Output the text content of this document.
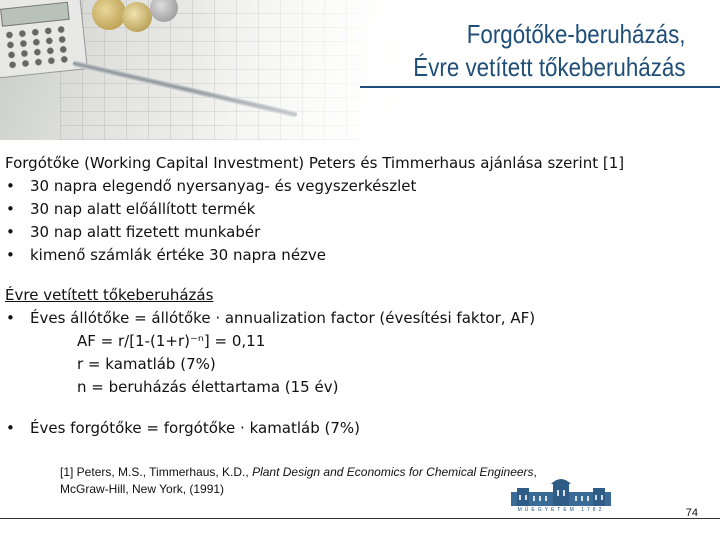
Forgótőke-beruházás,
Évre vetített tőkeberuházás

Forgótőke (Working Capital Investment) Peters és Timmerhaus ajánlása szerint [1]

• 30 napra elegendő nyersanyag- és vegyszerkészlet
• 30 nap alatt előállított termék
• 30 nap alatt fizetett munkabér
• kimenő számlák értéke 30 napra nézve

Évre vetített tőkeberuházás

• Éves állótőke = állótőke · annualization factor (évesítési faktor, AF)
AF = r/[1-(1+r)⁻ⁿ] = 0,11
r = kamatláb (7%)
n = beruházás élettartama (15 év)
• Éves forgótőke = forgótőke · kamatláb (7%)
[1] Peters, M.S., Timmerhaus, K.D., Plant Design and Economics for Chemical Engineers,
McGraw-Hill, New York, (1991)
MŰEGYETEM 1782	74
